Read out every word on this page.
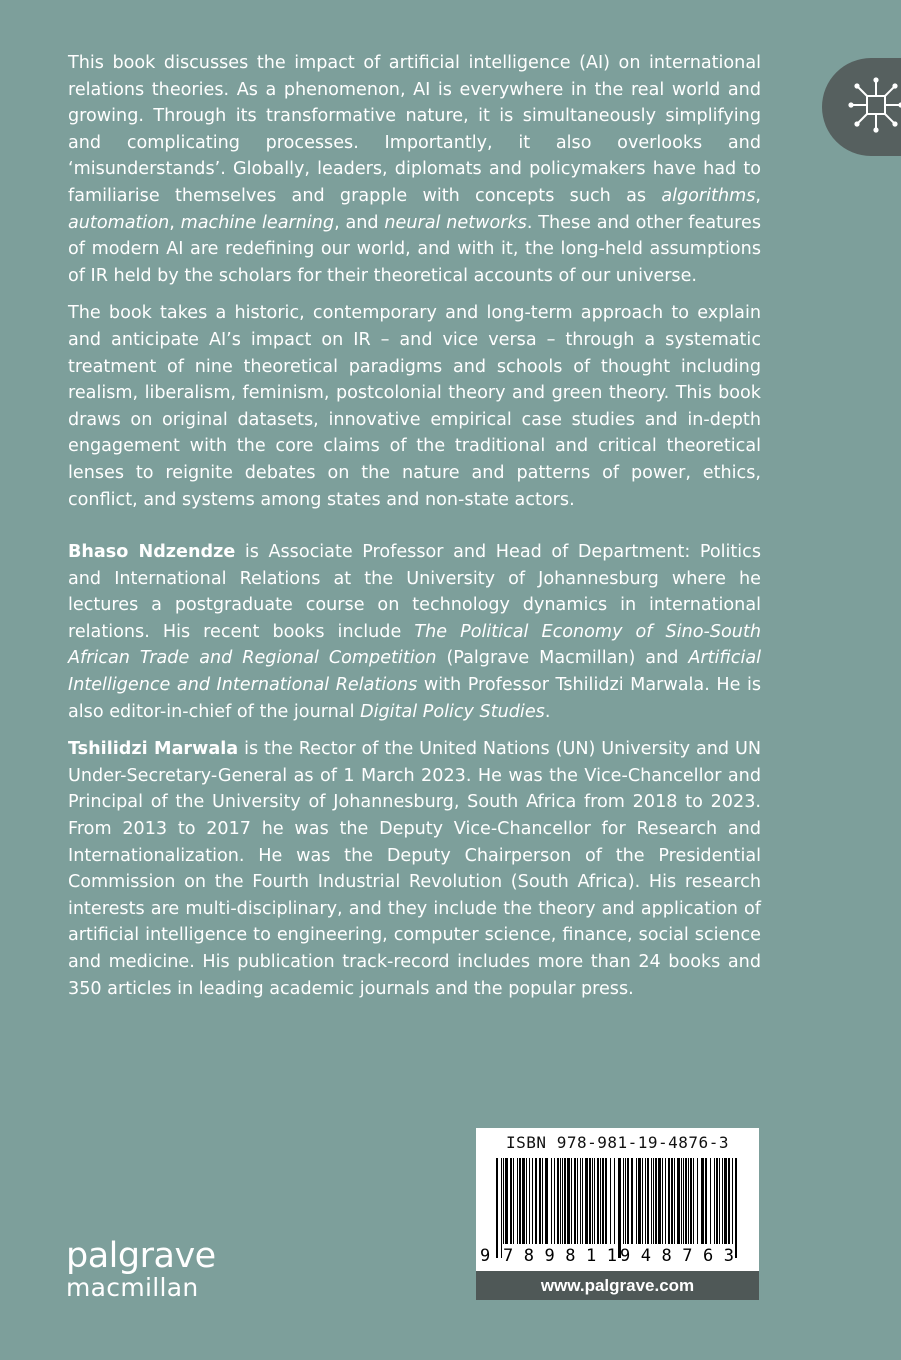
This book discusses the impact of artificial intelligence (AI) on international relations theories. As a phenomenon, AI is everywhere in the real world and growing. Through its transformative nature, it is simultaneously simplifying and complicating processes. Importantly, it also overlooks and ‘misunderstands’. Globally, leaders, diplomats and policymakers have had to familiarise themselves and grapple with concepts such as algorithms, automation, machine learning, and neural networks. These and other features of modern AI are redefining our world, and with it, the long-held assumptions of IR held by the scholars for their theoretical accounts of our universe.

The book takes a historic, contemporary and long-term approach to explain and anticipate AI’s impact on IR – and vice versa – through a systematic treatment of nine theoretical paradigms and schools of thought including realism, liberalism, feminism, postcolonial theory and green theory. This book draws on original datasets, innovative empirical case studies and in-depth engagement with the core claims of the traditional and critical theoretical lenses to reignite debates on the nature and patterns of power, ethics, conflict, and systems among states and non-state actors.

Bhaso Ndzendze is Associate Professor and Head of Department: Politics and International Relations at the University of Johannesburg where he lectures a postgraduate course on technology dynamics in international relations. His recent books include The Political Economy of Sino-South African Trade and Regional Competition (Palgrave Macmillan) and Artificial Intelligence and International Relations with Professor Tshilidzi Marwala. He is also editor-in-chief of the journal Digital Policy Studies.

Tshilidzi Marwala is the Rector of the United Nations (UN) University and UN Under-Secretary-General as of 1 March 2023. He was the Vice-Chancellor and Principal of the University of Johannesburg, South Africa from 2018 to 2023. From 2013 to 2017 he was the Deputy Vice-Chancellor for Research and Internationalization. He was the Deputy Chairperson of the Presidential Commission on the Fourth Industrial Revolution (South Africa). His research interests are multi-disciplinary, and they include the theory and application of artificial intelligence to engineering, computer science, finance, social science and medicine. His publication track-record includes more than 24 books and 350 articles in leading academic journals and the popular press.

ISBN 978-981-19-4876-3
9 789811 948763
www.palgrave.com
palgrave
macmillan
